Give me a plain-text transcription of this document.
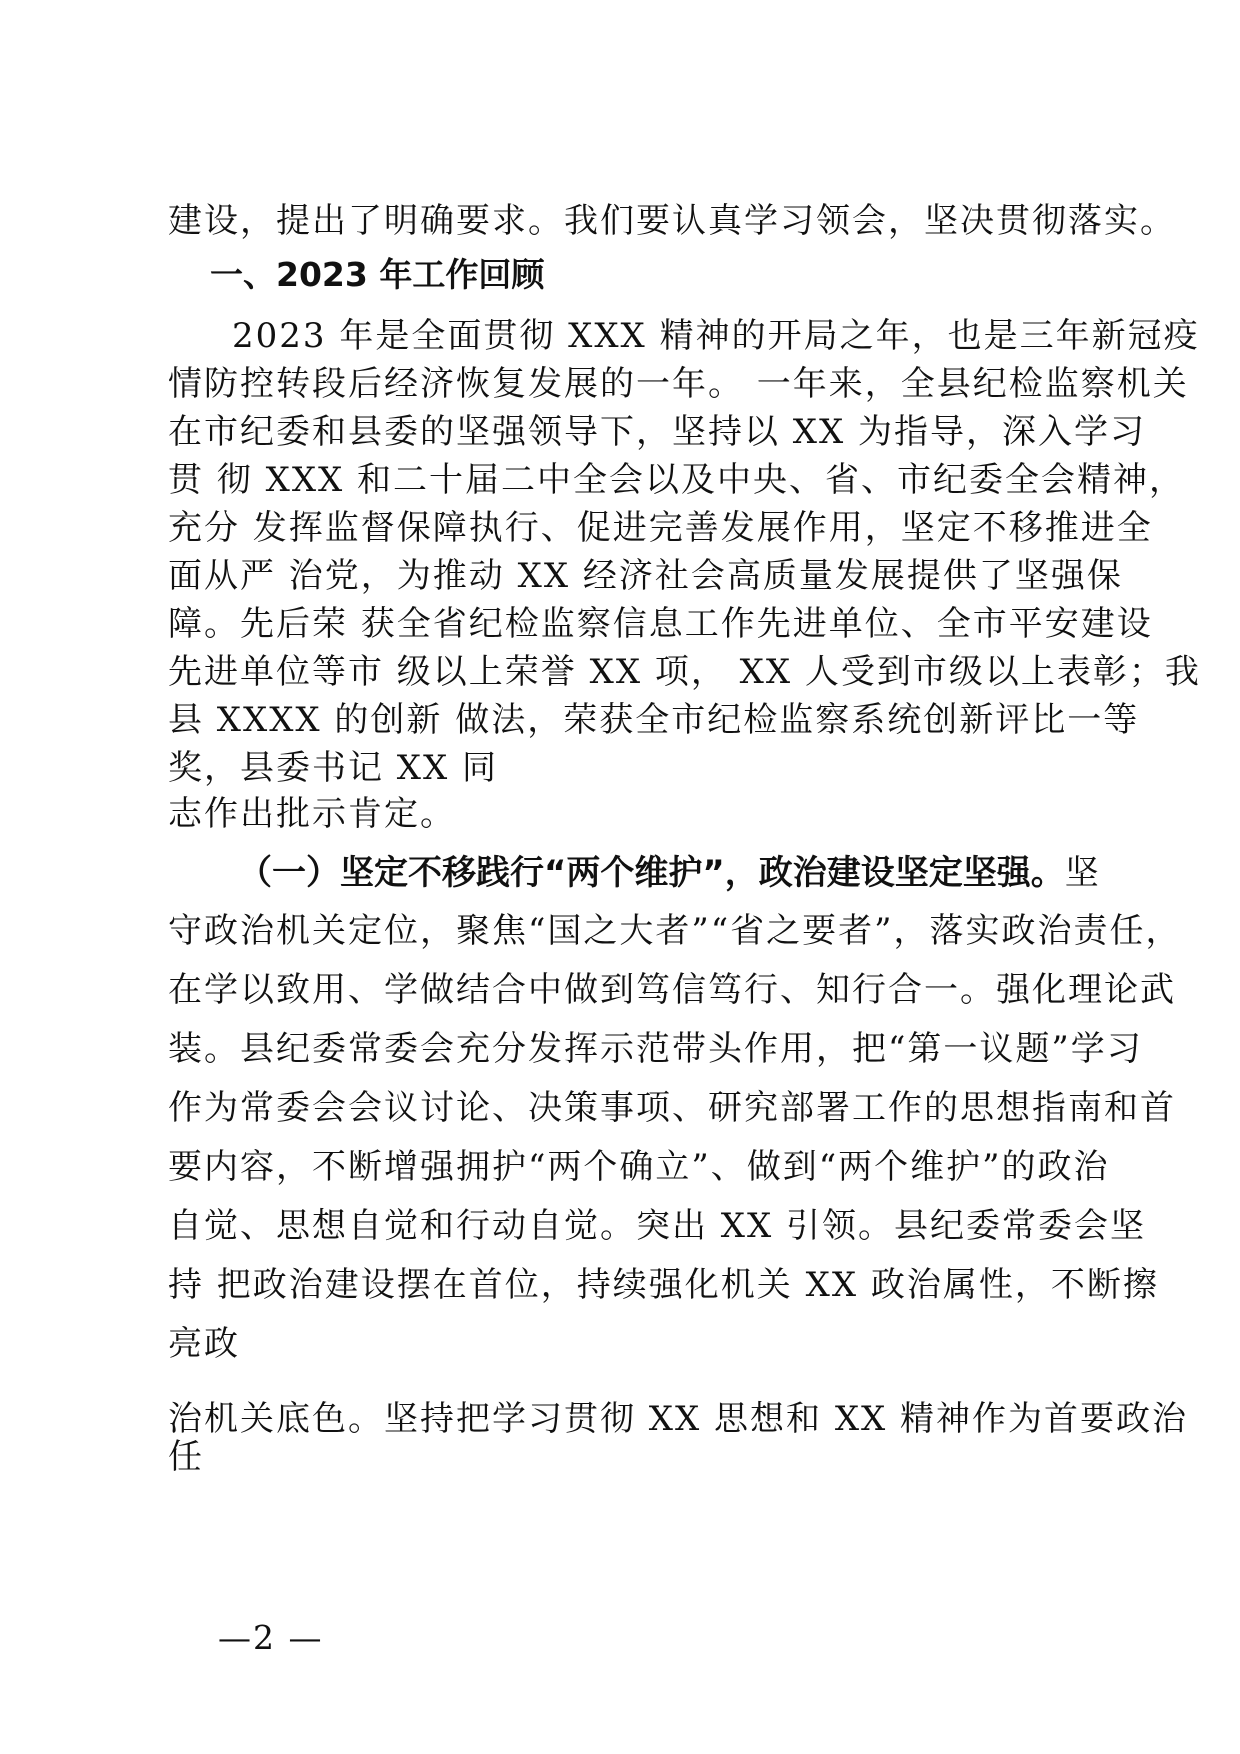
建设，提出了明确要求。我们要认真学习领会，坚决贯彻落实。
一、2023 年工作回顾
2023 年是全面贯彻 XXX 精神的开局之年，也是三年新冠疫
情防控转段后经济恢复发展的一年。 一年来，全县纪检监察机关
在市纪委和县委的坚强领导下，坚持以 XX 为指导，深入学习
贯 彻 XXX 和二十届二中全会以及中央、省、市纪委全会精神，
充分 发挥监督保障执行、促进完善发展作用，坚定不移推进全
面从严 治党，为推动 XX 经济社会高质量发展提供了坚强保
障。先后荣 获全省纪检监察信息工作先进单位、全市平安建设
先进单位等市 级以上荣誉 XX 项， XX 人受到市级以上表彰；我
县 XXXX 的创新 做法，荣获全市纪检监察系统创新评比一等
奖，县委书记 XX 同
志作出批示肯定。
（一）坚定不移践行“两个维护”，政治建设坚定坚强。坚
守政治机关定位，聚焦“国之大者”“省之要者”，落实政治责任，
在学以致用、学做结合中做到笃信笃行、知行合一。强化理论武
装。县纪委常委会充分发挥示范带头作用，把“第一议题”学习
作为常委会会议讨论、决策事项、研究部署工作的思想指南和首
要内容，不断增强拥护“两个确立”、做到“两个维护”的政治
自觉、思想自觉和行动自觉。突出 XX 引领。县纪委常委会坚
持 把政治建设摆在首位，持续强化机关 XX 政治属性，不断擦
亮政
治机关底色。坚持把学习贯彻 XX 思想和 XX 精神作为首要政治
任
—2 —
